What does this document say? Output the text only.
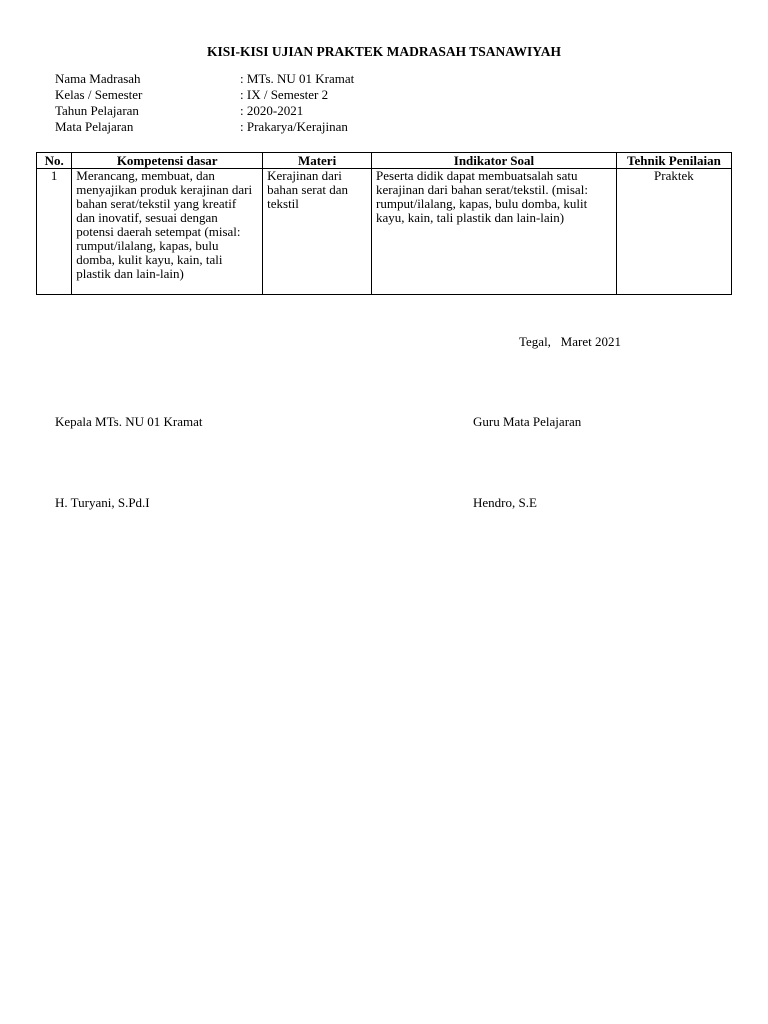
KISI-KISI UJIAN PRAKTEK MADRASAH TSANAWIYAH
Nama Madrasah	: MTs. NU 01 Kramat
Kelas / Semester	: IX / Semester 2
Tahun Pelajaran	: 2020-2021
Mata Pelajaran	: Prakarya/Kerajinan
No.	Kompetensi dasar	Materi	Indikator Soal	Tehnik Penilaian
1	Merancang, membuat, dan menyajikan produk kerajinan dari bahan serat/tekstil yang kreatif dan inovatif, sesuai dengan potensi daerah setempat (misal: rumput/ilalang, kapas, bulu domba, kulit kayu, kain, tali plastik dan lain-lain)	Kerajinan dari bahan serat dan tekstil	Peserta didik dapat membuatsalah satu kerajinan dari bahan serat/tekstil. (misal: rumput/ilalang, kapas, bulu domba, kulit kayu, kain, tali plastik dan lain-lain)	Praktek
Tegal,   Maret 2021
Kepala MTs. NU 01 Kramat	Guru Mata Pelajaran
H. Turyani, S.Pd.I	Hendro, S.E
